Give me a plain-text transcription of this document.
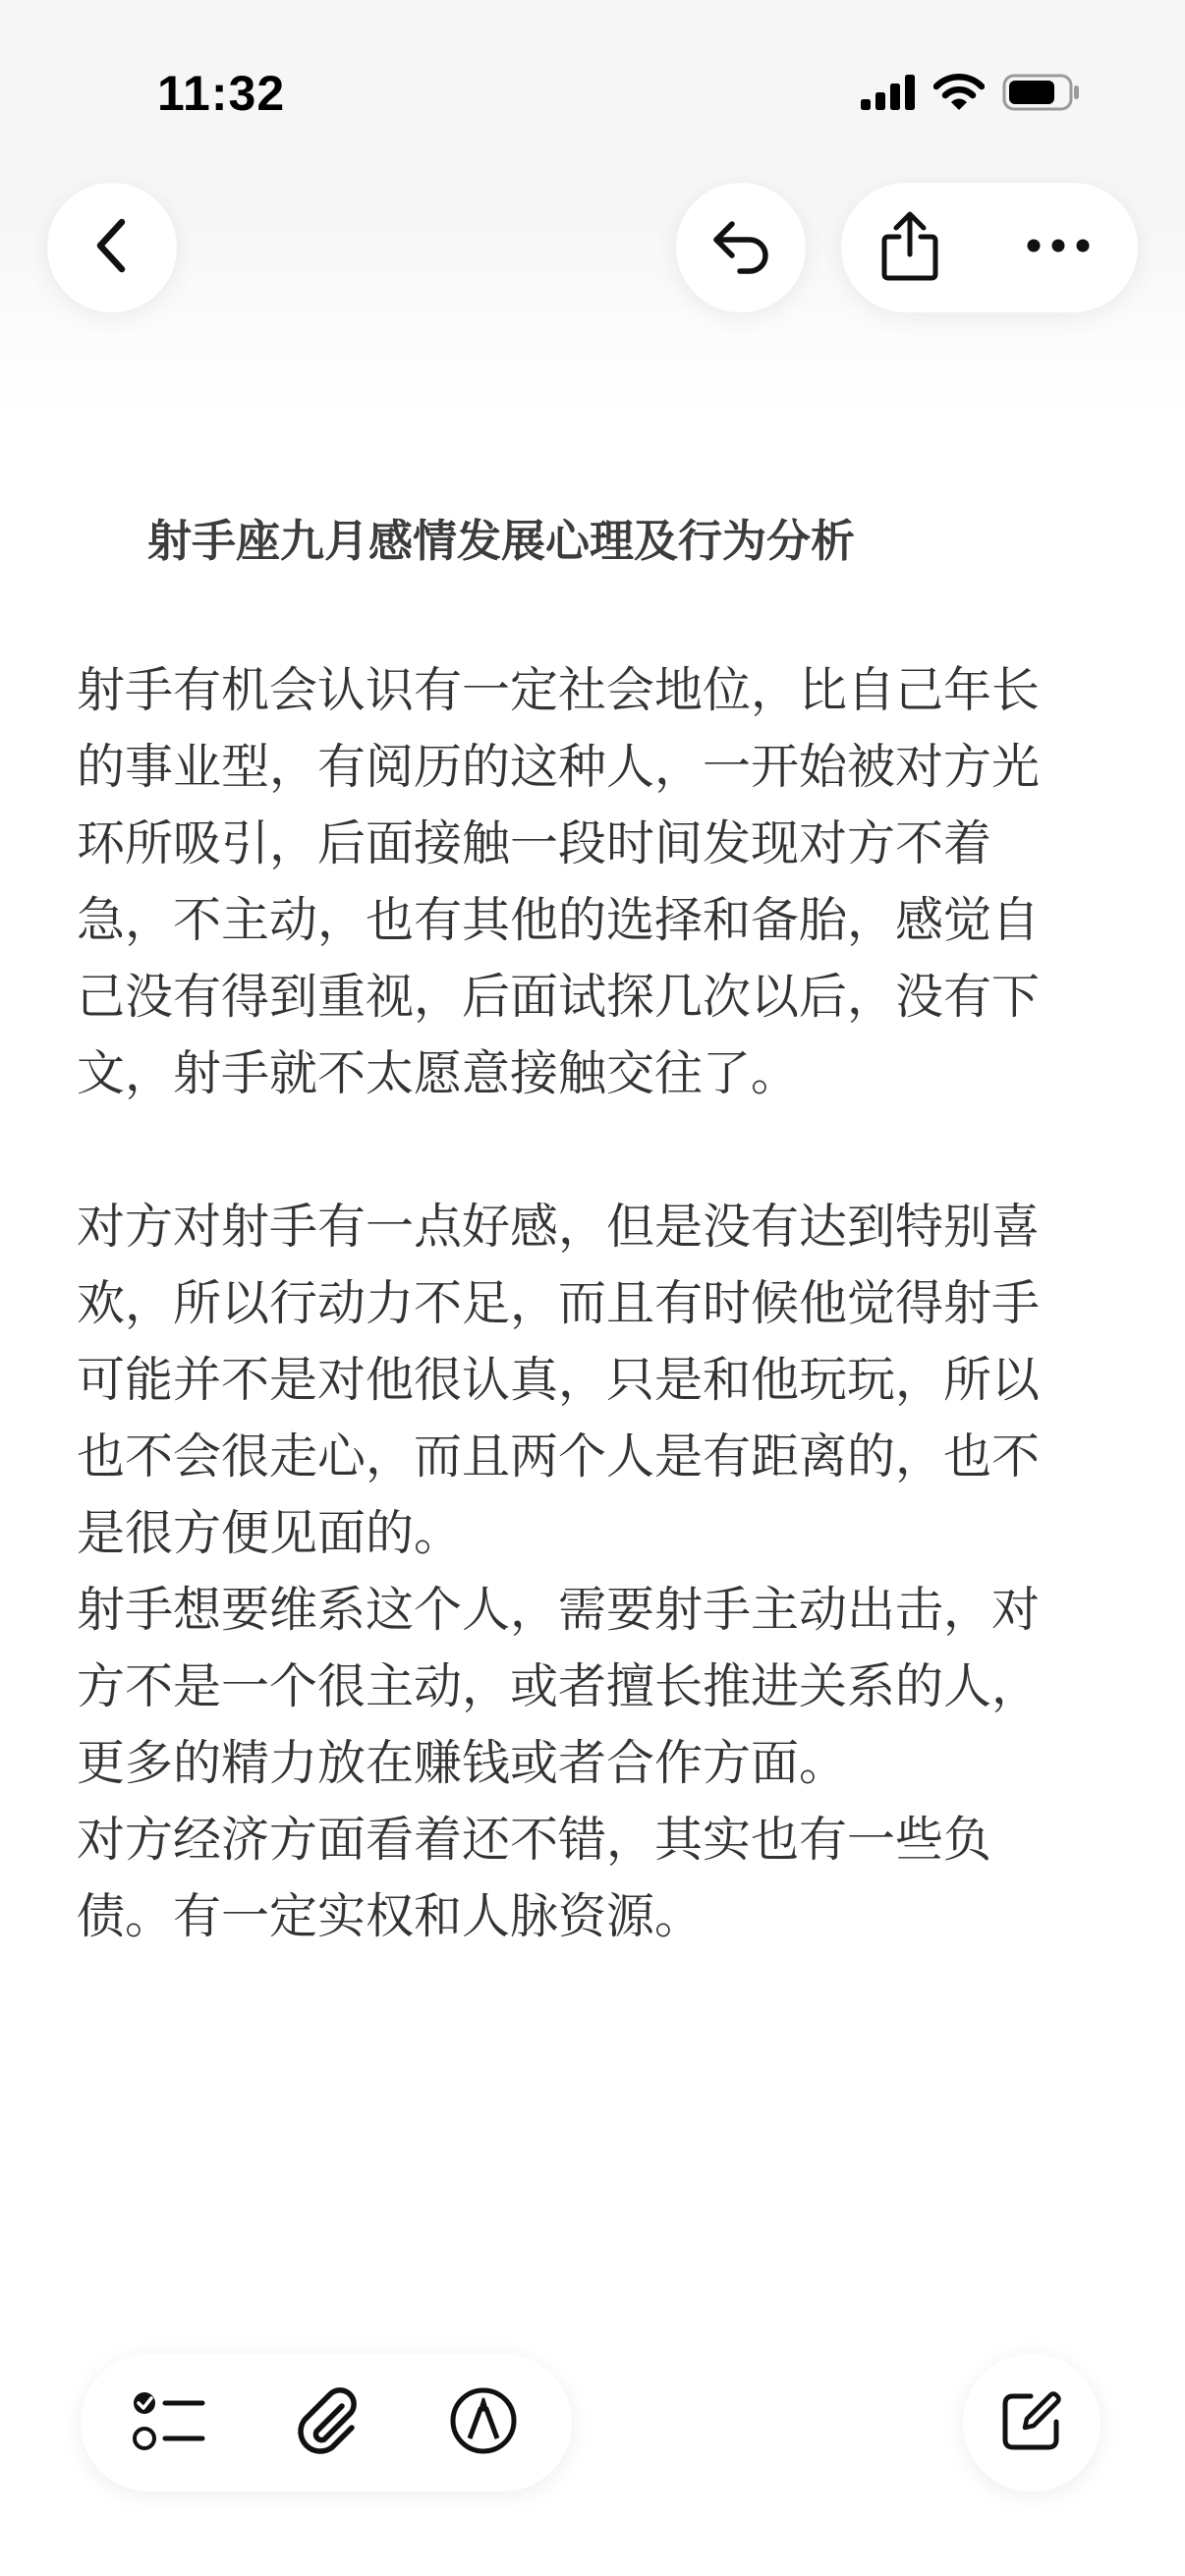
11:32

射手座九月感情发展心理及行为分析

射手有机会认识有一定社会地位，比自己年长
的事业型，有阅历的这种人，一开始被对方光
环所吸引，后面接触一段时间发现对方不着
急，不主动，也有其他的选择和备胎，感觉自
己没有得到重视，后面试探几次以后，没有下
文，射手就不太愿意接触交往了。

对方对射手有一点好感，但是没有达到特别喜
欢，所以行动力不足，而且有时候他觉得射手
可能并不是对他很认真，只是和他玩玩，所以
也不会很走心，而且两个人是有距离的，也不
是很方便见面的。

射手想要维系这个人，需要射手主动出击，对
方不是一个很主动，或者擅长推进关系的人，
更多的精力放在赚钱或者合作方面。

对方经济方面看着还不错，其实也有一些负
债。有一定实权和人脉资源。
